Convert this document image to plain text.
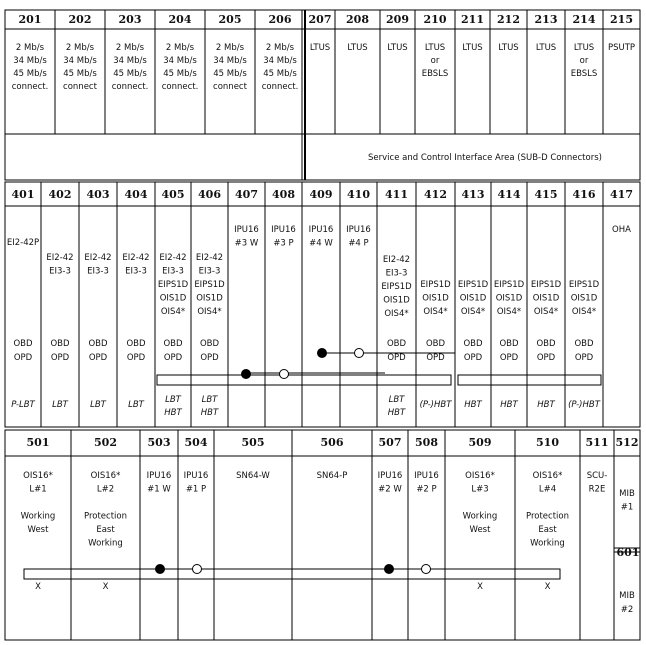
201
2 Mb/s
34 Mb/s
45 Mb/s
connect.
202
2 Mb/s
34 Mb/s
45 Mb/s
connect
203
2 Mb/s
34 Mb/s
45 Mb/s
connect.
204
2 Mb/s
34 Mb/s
45 Mb/s
connect.
205
2 Mb/s
34 Mb/s
45 Mb/s
connect
206
2 Mb/s
34 Mb/s
45 Mb/s
connect.
207
LTUS
208
LTUS
209
LTUS
210
LTUS
or
EBSLS
211
LTUS
212
LTUS
213
LTUS
214
LTUS
or
EBSLS
215
PSUTP
Service and Control Interface Area (SUB-D Connectors)
401
EI2-42P
OBD
OPD
P-LBT
402
EI2-42
EI3-3
OBD
OPD
LBT
403
EI2-42
EI3-3
OBD
OPD
LBT
404
EI2-42
EI3-3
OBD
OPD
LBT
405
EI2-42
EI3-3
EIPS1D
OIS1D
OIS4*
OBD
OPD
LBT
HBT
406
EI2-42
EI3-3
EIPS1D
OIS1D
OIS4*
OBD
OPD
LBT
HBT
407
IPU16
#3 W
408
IPU16
#3 P
409
IPU16
#4 W
410
IPU16
#4 P
411
EI2-42
EI3-3
EIPS1D
OIS1D
OIS4*
OBD
OPD
LBT
HBT
412
EIPS1D
OIS1D
OIS4*
OBD
OPD
(P-)HBT
413
EIPS1D
OIS1D
OIS4*
OBD
OPD
HBT
414
EIPS1D
OIS1D
OIS4*
OBD
OPD
HBT
415
EIPS1D
OIS1D
OIS4*
OBD
OPD
HBT
416
EIPS1D
OIS1D
OIS4*
OBD
OPD
(P-)HBT
417
OHA
501
OIS16*
L#1
Working
West
X
502
OIS16*
L#2
Protection
East
Working
X
503
IPU16
#1 W
504
IPU16
#1 P
505
SN64-W
506
SN64-P
507
IPU16
#2 W
508
IPU16
#2 P
509
OIS16*
L#3
Working
West
X
510
OIS16*
L#4
Protection
East
Working
X
511
SCU-
R2E
512
MIB
#1
601
MIB
#2
